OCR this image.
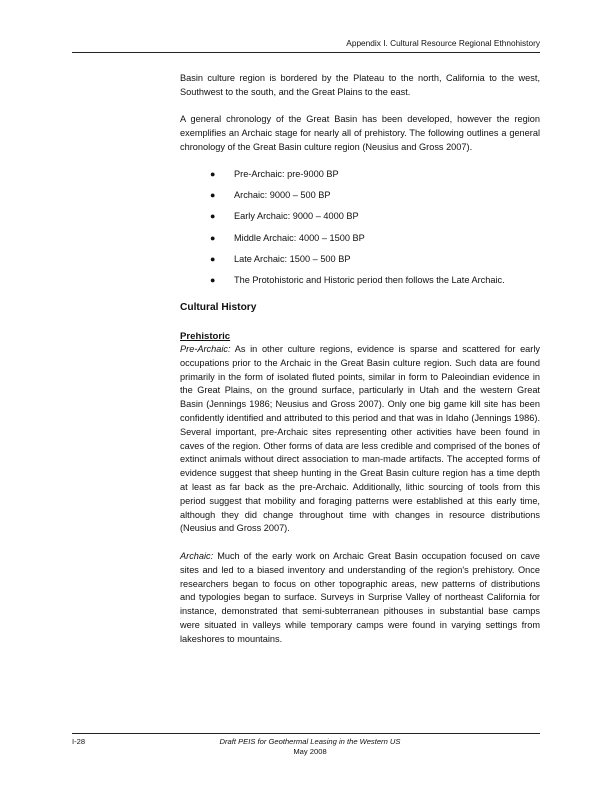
Appendix I. Cultural Resource Regional Ethnohistory

Basin culture region is bordered by the Plateau to the north, California to the west, Southwest to the south, and the Great Plains to the east.

A general chronology of the Great Basin has been developed, however the region exemplifies an Archaic stage for nearly all of prehistory. The following outlines a general chronology of the Great Basin culture region (Neusius and Gross 2007).

● Pre-Archaic: pre-9000 BP
● Archaic: 9000 – 500 BP
● Early Archaic: 9000 – 4000 BP
● Middle Archaic: 4000 – 1500 BP
● Late Archaic: 1500 – 500 BP
● The Protohistoric and Historic period then follows the Late Archaic.
Cultural History
Prehistoric

Pre-Archaic: As in other culture regions, evidence is sparse and scattered for early occupations prior to the Archaic in the Great Basin culture region. Such data are found primarily in the form of isolated fluted points, similar in form to Paleoindian evidence in the Great Plains, on the ground surface, particularly in Utah and the western Great Basin (Jennings 1986; Neusius and Gross 2007). Only one big game kill site has been confidently identified and attributed to this period and that was in Idaho (Jennings 1986). Several important, pre-Archaic sites representing other activities have been found in caves of the region. Other forms of data are less credible and comprised of the bones of extinct animals without direct association to man-made artifacts. The accepted forms of evidence suggest that sheep hunting in the Great Basin culture region has a time depth at least as far back as the pre-Archaic. Additionally, lithic sourcing of tools from this period suggest that mobility and foraging patterns were established at this early time, although they did change throughout time with changes in resource distributions (Neusius and Gross 2007).

Archaic: Much of the early work on Archaic Great Basin occupation focused on cave sites and led to a biased inventory and understanding of the region's prehistory. Once researchers began to focus on other topographic areas, new patterns of distributions and typologies began to surface. Surveys in Surprise Valley of northeast California for instance, demonstrated that semi-subterranean pithouses in substantial base camps were situated in valleys while temporary camps were found in varying settings from lakeshores to mountains.

I-28	Draft PEIS for Geothermal Leasing in the Western US
May 2008
